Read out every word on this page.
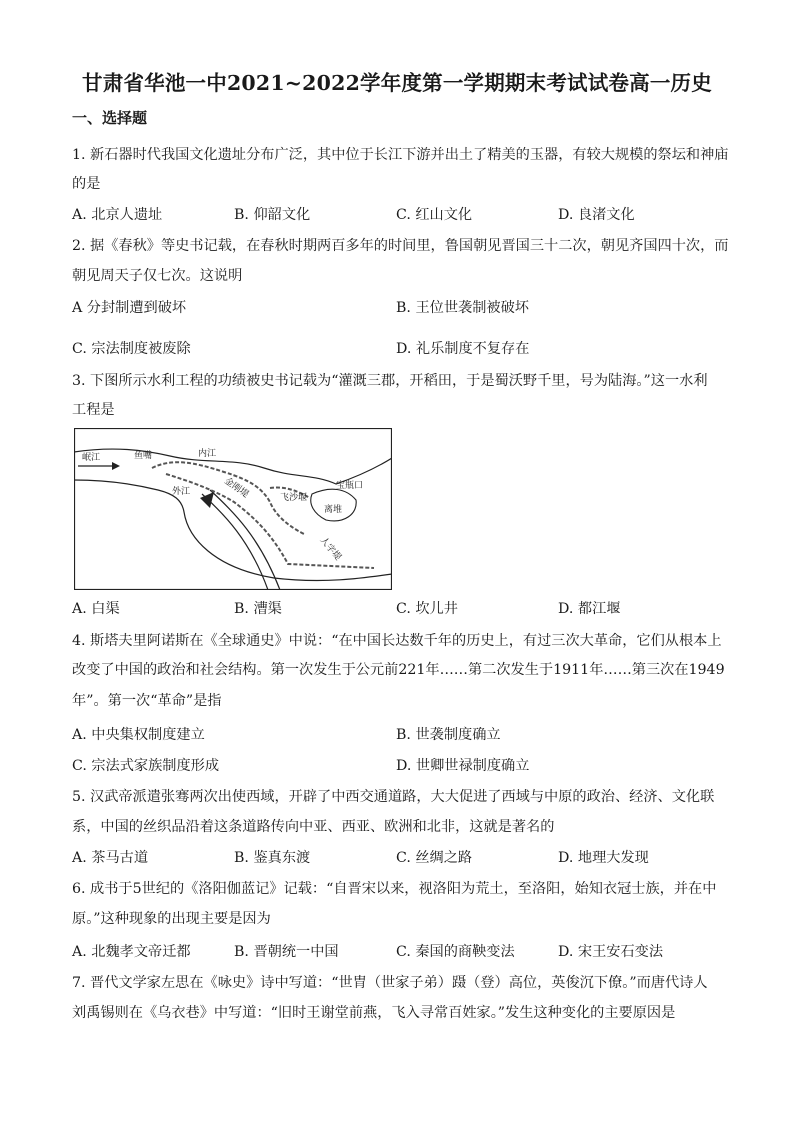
甘肃省华池一中2021~2022学年度第一学期期末考试试卷高一历史
一、选择题
1. 新石器时代我国文化遗址分布广泛，其中位于长江下游并出土了精美的玉器，有较大规模的祭坛和神庙
的是
A. 北京人遗址	B. 仰韶文化	C. 红山文化	D. 良渚文化
2. 据《春秋》等史书记载，在春秋时期两百多年的时间里，鲁国朝见晋国三十二次，朝见齐国四十次，而
朝见周天子仅七次。这说明
A 分封制遭到破坏	B. 王位世袭制被破坏
C. 宗法制度被废除	D. 礼乐制度不复存在
3. 下图所示水利工程的功绩被史书记载为“灌溉三郡，开稻田，于是蜀沃野千里，号为陆海。”这一水利
工程是
岷江	鱼嘴	内江
金刚堤
外江
飞沙堰
宝瓶口
离堆
人字堤
A. 白渠	B. 漕渠	C. 坎儿井	D. 都江堰
4. 斯塔夫里阿诺斯在《全球通史》中说：“在中国长达数千年的历史上，有过三次大革命，它们从根本上
改变了中国的政治和社会结构。第一次发生于公元前221年……第二次发生于1911年……第三次在1949
年”。第一次“革命”是指
A. 中央集权制度建立	B. 世袭制度确立
C. 宗法式家族制度形成	D. 世卿世禄制度确立
5. 汉武帝派遣张骞两次出使西域，开辟了中西交通道路，大大促进了西域与中原的政治、经济、文化联
系，中国的丝织品沿着这条道路传向中亚、西亚、欧洲和北非，这就是著名的
A. 茶马古道	B. 鉴真东渡	C. 丝绸之路	D. 地理大发现
6. 成书于5世纪的《洛阳伽蓝记》记载：“自晋宋以来，视洛阳为荒土，至洛阳，始知衣冠士族，并在中
原。”这种现象的出现主要是因为
A. 北魏孝文帝迁都	B. 晋朝统一中国	C. 秦国的商鞅变法	D. 宋王安石变法
7. 晋代文学家左思在《咏史》诗中写道：“世胄（世家子弟）蹑（登）高位，英俊沉下僚。”而唐代诗人
刘禹锡则在《乌衣巷》中写道：“旧时王谢堂前燕，飞入寻常百姓家。”发生这种变化的主要原因是
